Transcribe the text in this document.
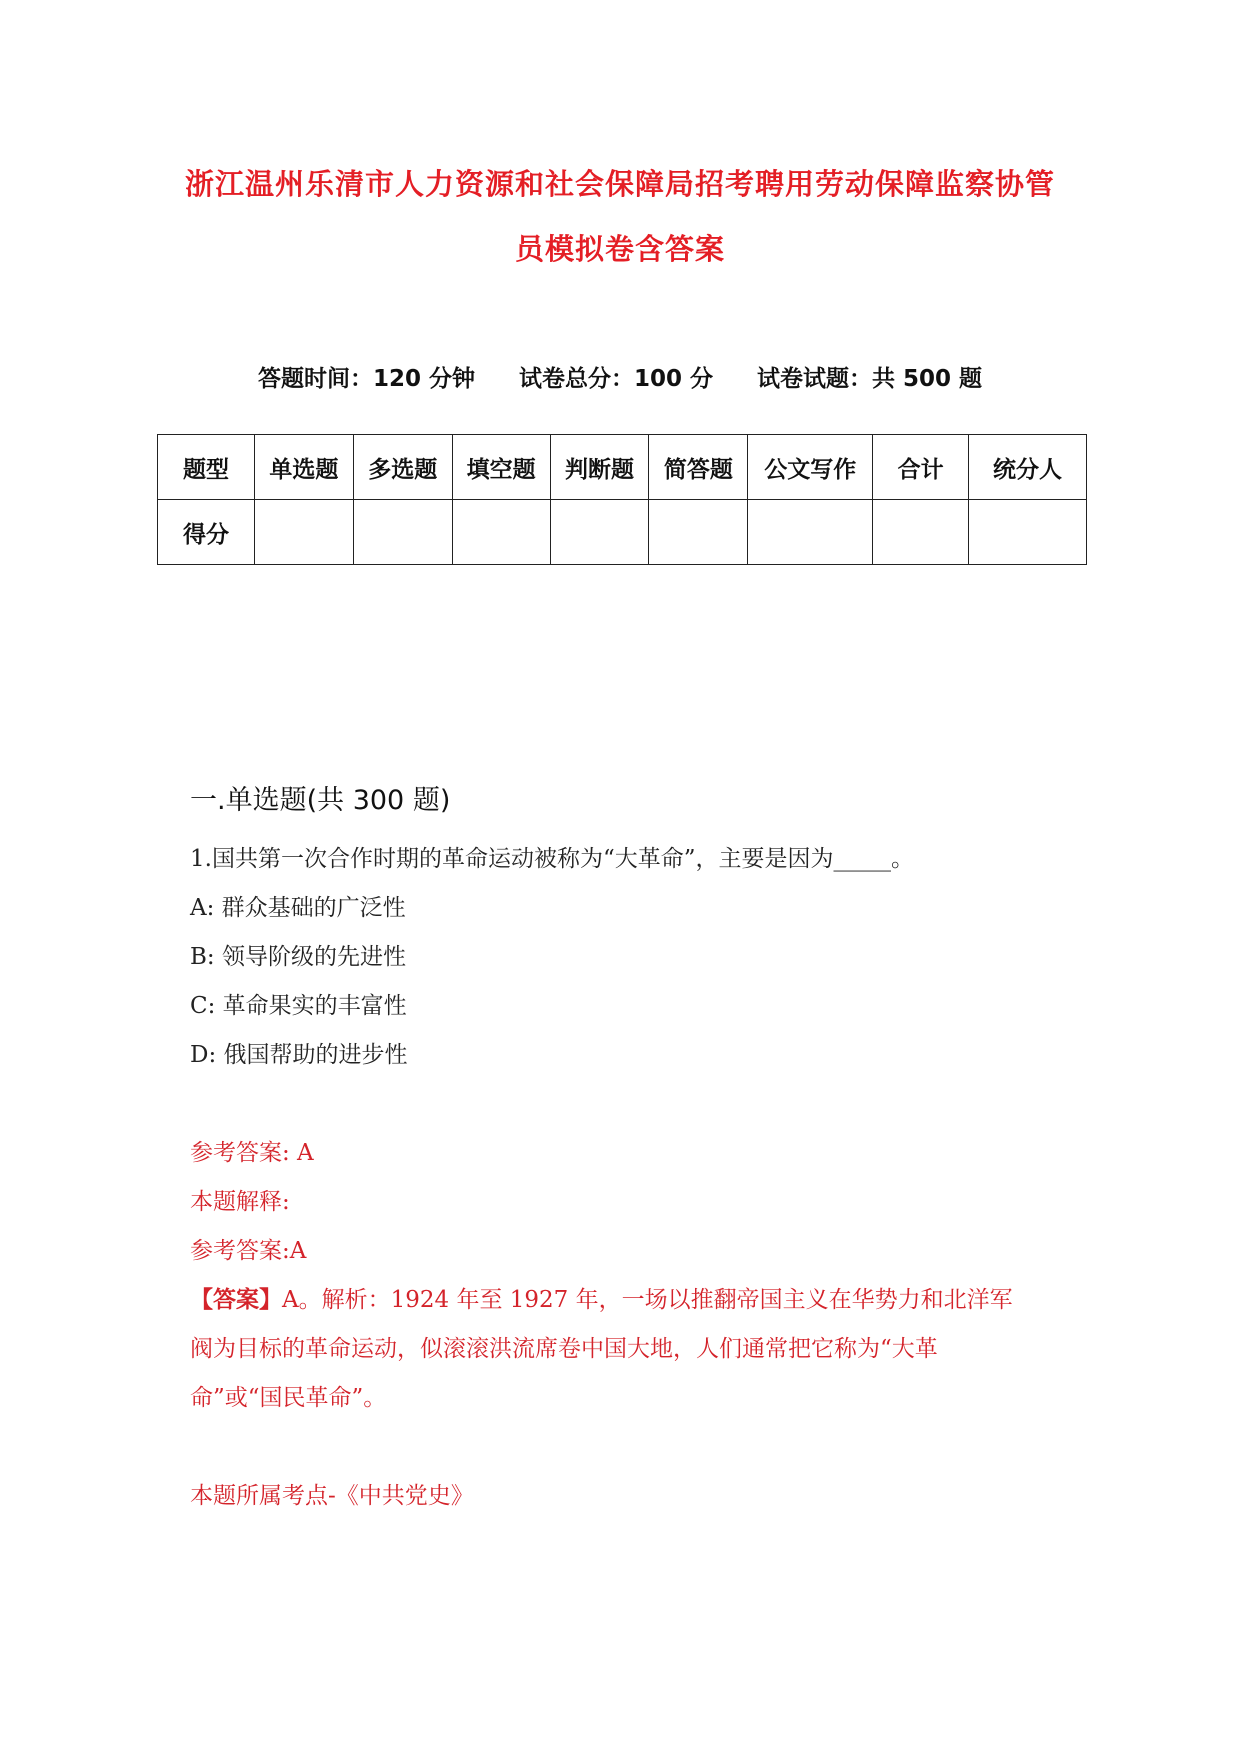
浙江温州乐清市人力资源和社会保障局招考聘用劳动保障监察协管
员模拟卷含答案
答题时间：120 分钟 试卷总分：100 分 试卷试题：共 500 题
题型	单选题	多选题	填空题	判断题	简答题	公文写作	合计	统分人
得分								
一.单选题(共 300 题)
1.国共第一次合作时期的革命运动被称为“大革命”，主要是因为_____。
A: 群众基础的广泛性
B: 领导阶级的先进性
C: 革命果实的丰富性
D: 俄国帮助的进步性
参考答案: A
本题解释:
参考答案:A
【答案】A。解析：1924 年至 1927 年，一场以推翻帝国主义在华势力和北洋军
阀为目标的革命运动，似滚滚洪流席卷中国大地，人们通常把它称为“大革
命”或“国民革命”。
本题所属考点-《中共党史》
